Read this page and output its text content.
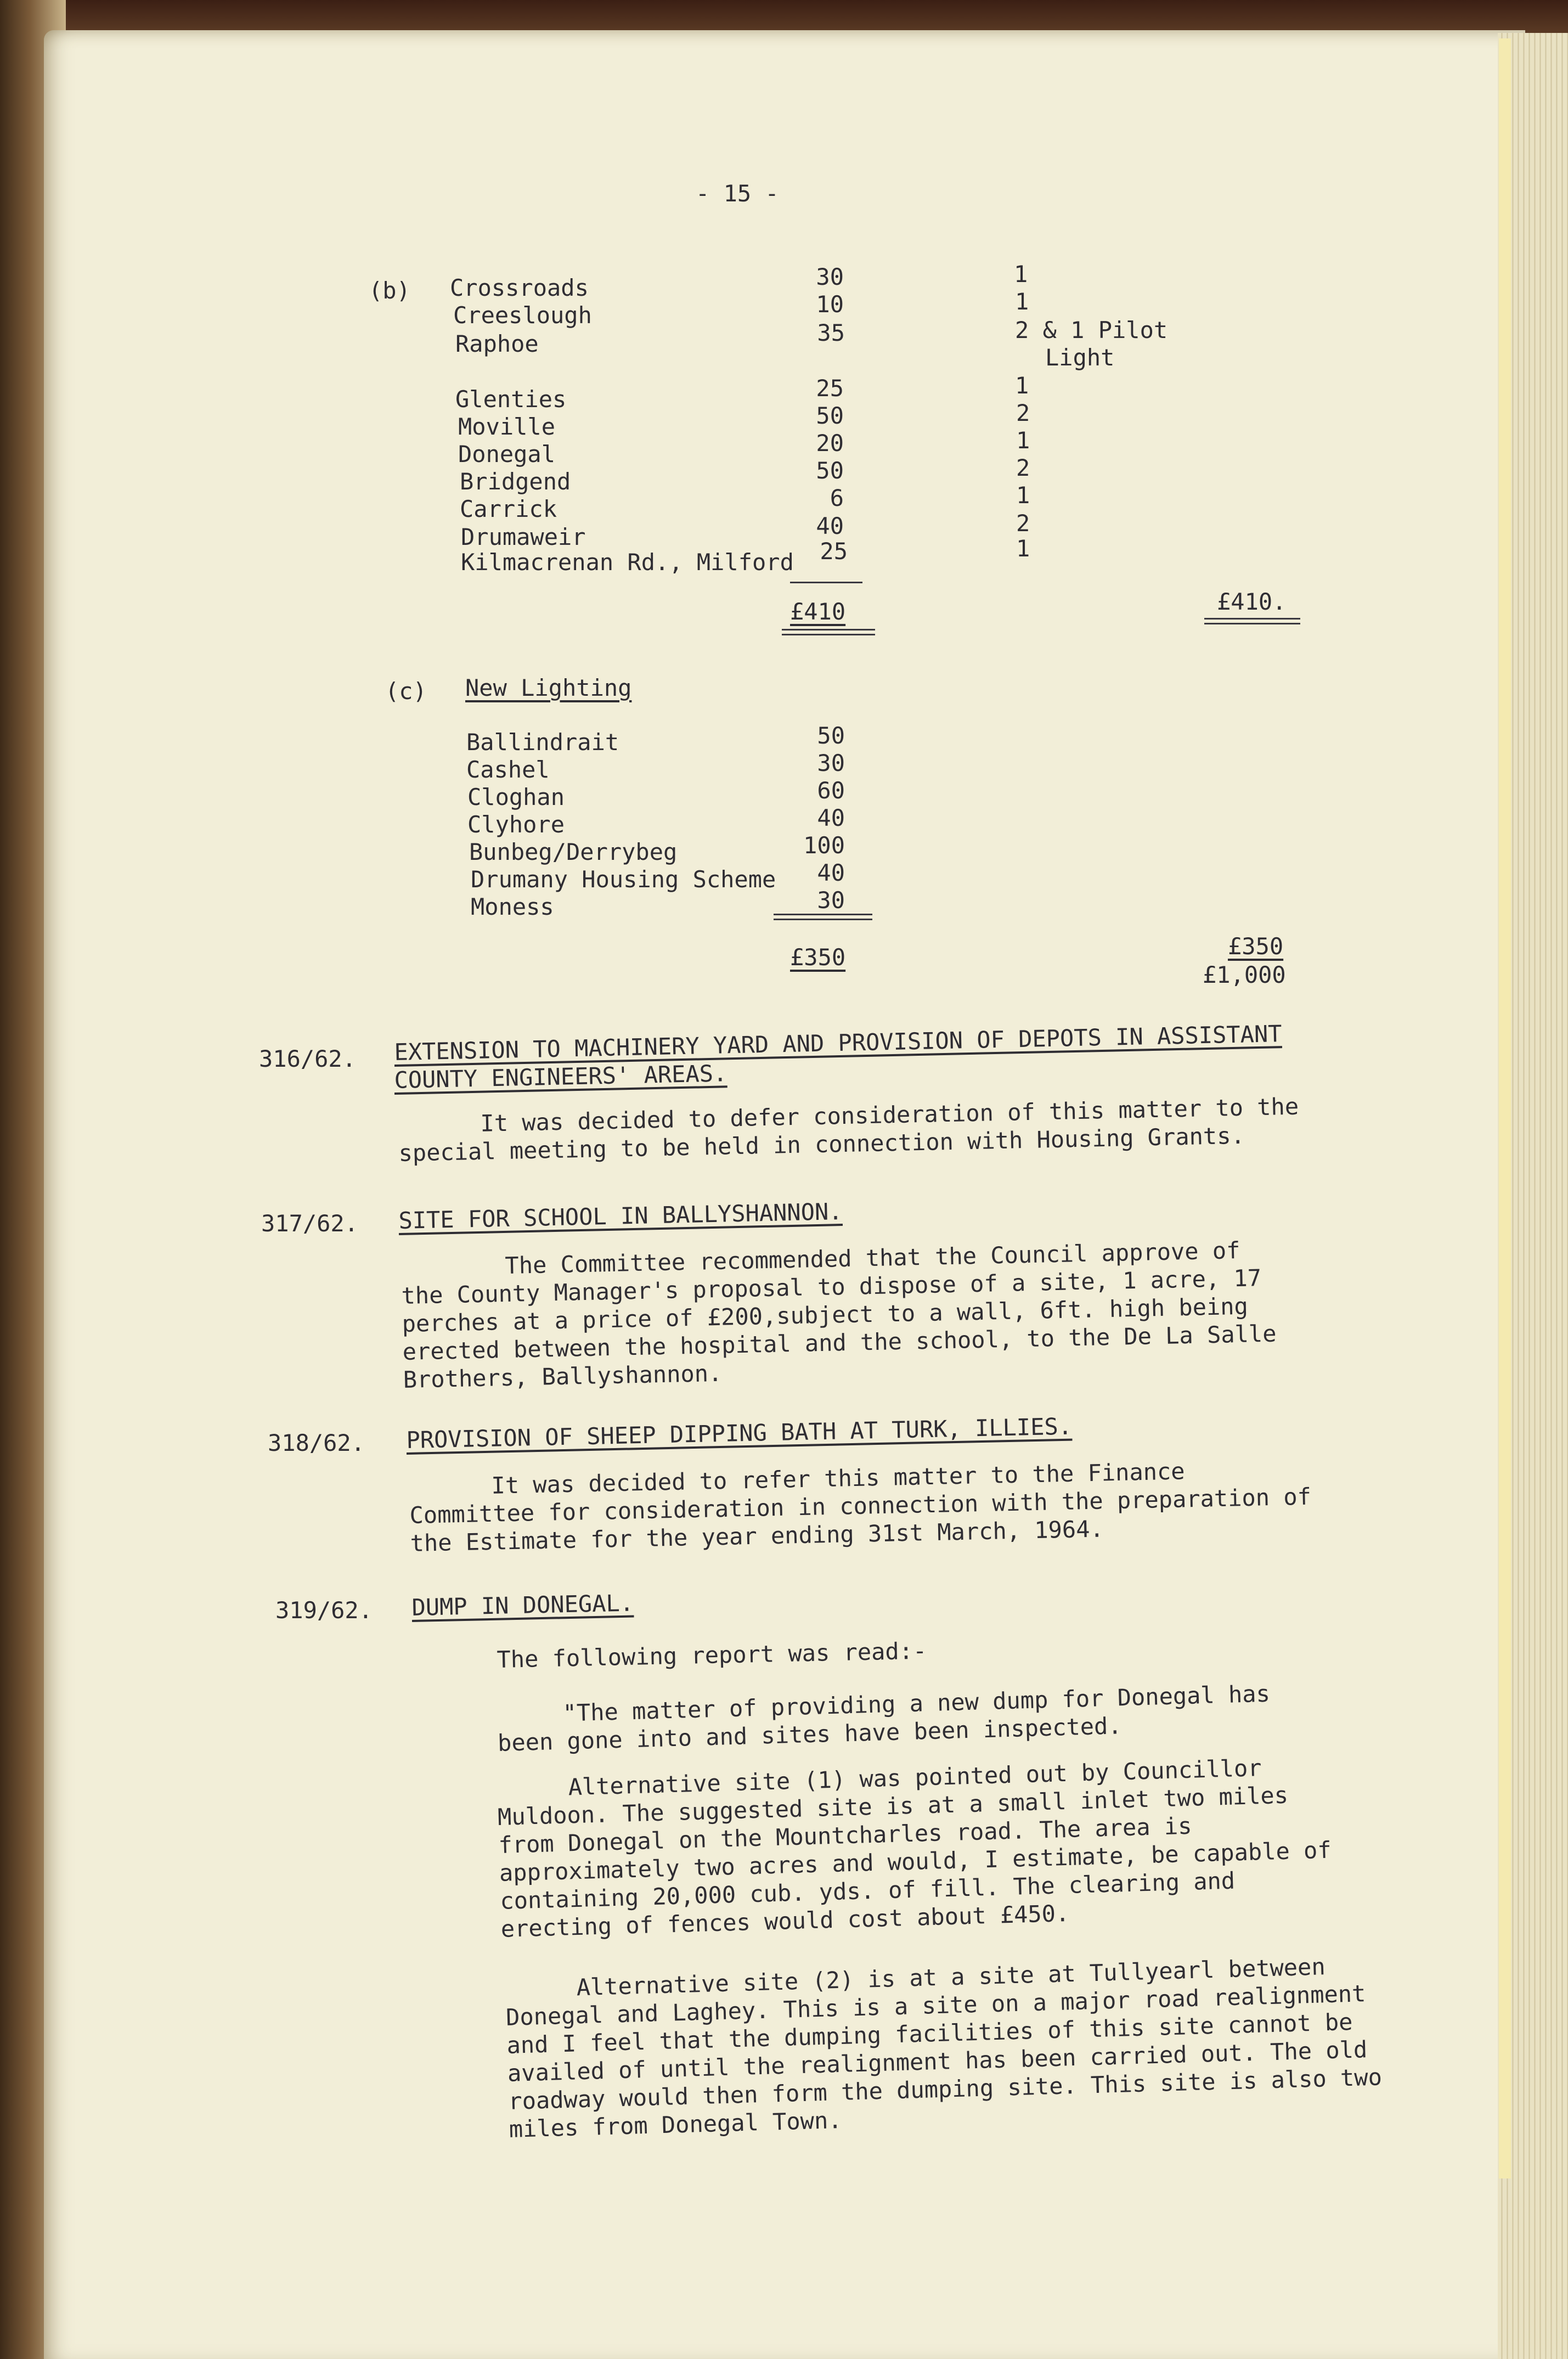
- 15 -
(b) Crossroads	30	1
Creeslough	10	1
Raphoe	35	2 & 1 Pilot
Light
Glenties	25	1
Moville	50	2
Donegal	20	1
Bridgend	50	2
Carrick	6	1
Drumaweir	40	2
Kilmacrenan Rd., Milford	25	1
£410	£410.
(c) New Lighting
Ballindrait	50
Cashel	30
Cloghan	60
Clyhore	40
Bunbeg/Derrybeg	100
Drumany Housing Scheme	40
Moness	30
£350	£350
£1,000
316/62. EXTENSION TO MACHINERY YARD AND PROVISION OF DEPOTS IN ASSISTANT
COUNTY ENGINEERS' AREAS.
It was decided to defer consideration of this matter to the special meeting to be held in connection with Housing Grants.
317/62. SITE FOR SCHOOL IN BALLYSHANNON.
The Committee recommended that the Council approve of the County Manager's proposal to dispose of a site, 1 acre, 17 perches at a price of £200,subject to a wall, 6ft. high being erected between the hospital and the school, to the De La Salle Brothers, Ballyshannon.
318/62. PROVISION OF SHEEP DIPPING BATH AT TURK, ILLIES.
It was decided to refer this matter to the Finance Committee for consideration in connection with the preparation of the Estimate for the year ending 31st March, 1964.
319/62. DUMP IN DONEGAL.
The following report was read:-
"The matter of providing a new dump for Donegal has been gone into and sites have been inspected.
Alternative site (1) was pointed out by Councillor Muldoon. The suggested site is at a small inlet two miles from Donegal on the Mountcharles road. The area is approximately two acres and would, I estimate, be capable of containing 20,000 cub. yds. of fill. The clearing and erecting of fences would cost about £450.
Alternative site (2) is at a site at Tullyearl between Donegal and Laghey. This is a site on a major road realignment and I feel that the dumping facilities of this site cannot be availed of until the realignment has been carried out. The old roadway would then form the dumping site. This site is also two miles from Donegal Town.
